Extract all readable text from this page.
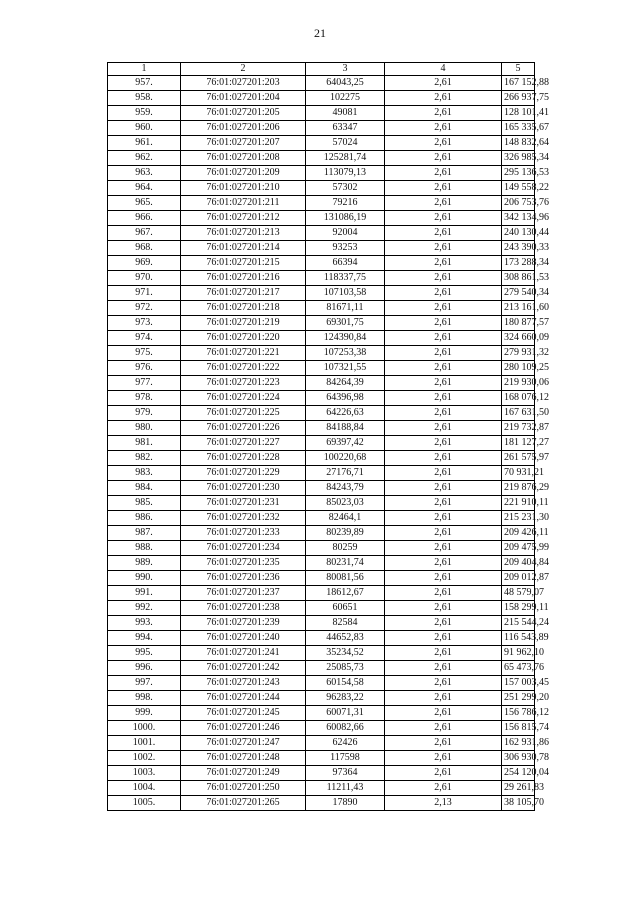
21
1	2	3	4	5
957.	76:01:027201:203	64043,25	2,61	167 152,88
958.	76:01:027201:204	102275	2,61	266 937,75
959.	76:01:027201:205	49081	2,61	128 101,41
960.	76:01:027201:206	63347	2,61	165 335,67
961.	76:01:027201:207	57024	2,61	148 832,64
962.	76:01:027201:208	125281,74	2,61	326 985,34
963.	76:01:027201:209	113079,13	2,61	295 136,53
964.	76:01:027201:210	57302	2,61	149 558,22
965.	76:01:027201:211	79216	2,61	206 753,76
966.	76:01:027201:212	131086,19	2,61	342 134,96
967.	76:01:027201:213	92004	2,61	240 130,44
968.	76:01:027201:214	93253	2,61	243 390,33
969.	76:01:027201:215	66394	2,61	173 288,34
970.	76:01:027201:216	118337,75	2,61	308 861,53
971.	76:01:027201:217	107103,58	2,61	279 540,34
972.	76:01:027201:218	81671,11	2,61	213 161,60
973.	76:01:027201:219	69301,75	2,61	180 877,57
974.	76:01:027201:220	124390,84	2,61	324 660,09
975.	76:01:027201:221	107253,38	2,61	279 931,32
976.	76:01:027201:222	107321,55	2,61	280 109,25
977.	76:01:027201:223	84264,39	2,61	219 930,06
978.	76:01:027201:224	64396,98	2,61	168 076,12
979.	76:01:027201:225	64226,63	2,61	167 631,50
980.	76:01:027201:226	84188,84	2,61	219 732,87
981.	76:01:027201:227	69397,42	2,61	181 127,27
982.	76:01:027201:228	100220,68	2,61	261 575,97
983.	76:01:027201:229	27176,71	2,61	70 931,21
984.	76:01:027201:230	84243,79	2,61	219 876,29
985.	76:01:027201:231	85023,03	2,61	221 910,11
986.	76:01:027201:232	82464,1	2,61	215 231,30
987.	76:01:027201:233	80239,89	2,61	209 426,11
988.	76:01:027201:234	80259	2,61	209 475,99
989.	76:01:027201:235	80231,74	2,61	209 404,84
990.	76:01:027201:236	80081,56	2,61	209 012,87
991.	76:01:027201:237	18612,67	2,61	48 579,07
992.	76:01:027201:238	60651	2,61	158 299,11
993.	76:01:027201:239	82584	2,61	215 544,24
994.	76:01:027201:240	44652,83	2,61	116 543,89
995.	76:01:027201:241	35234,52	2,61	91 962,10
996.	76:01:027201:242	25085,73	2,61	65 473,76
997.	76:01:027201:243	60154,58	2,61	157 003,45
998.	76:01:027201:244	96283,22	2,61	251 299,20
999.	76:01:027201:245	60071,31	2,61	156 786,12
1000.	76:01:027201:246	60082,66	2,61	156 815,74
1001.	76:01:027201:247	62426	2,61	162 931,86
1002.	76:01:027201:248	117598	2,61	306 930,78
1003.	76:01:027201:249	97364	2,61	254 120,04
1004.	76:01:027201:250	11211,43	2,61	29 261,83
1005.	76:01:027201:265	17890	2,13	38 105,70
